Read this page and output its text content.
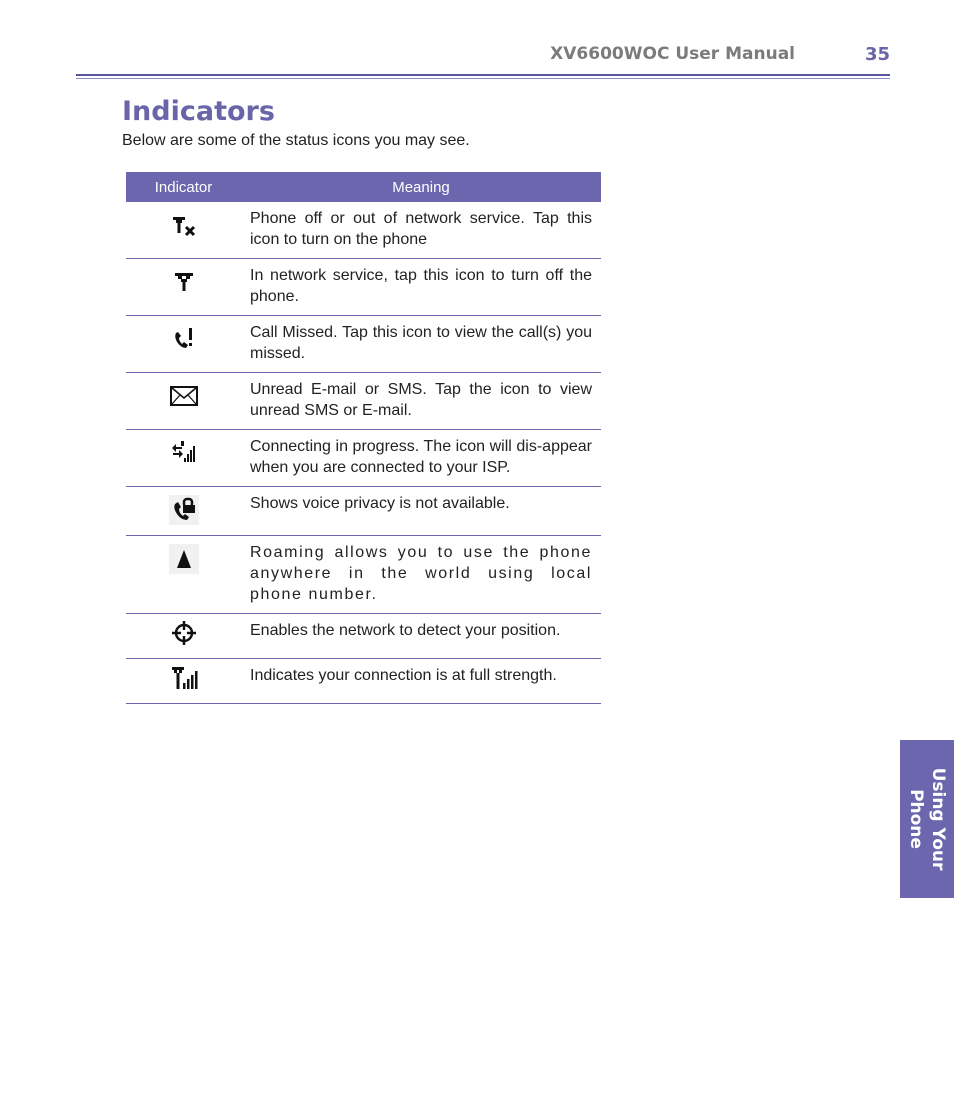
XV6600WOC User Manual	35
Indicators
Below are some of the status icons you may see.
Indicator	Meaning
	Phone off or out of network service. Tap this icon to turn on the phone
	In network service, tap this icon to turn off the phone.
	Call Missed. Tap this icon to view the call(s) you missed.
	Unread E-mail or SMS. Tap the icon to view unread SMS or E-mail.
	Connecting in progress. The icon will dis-appear when you are connected to your ISP.
	Shows voice privacy is not available.
	Roaming allows you to use the phone anywhere in the world using local phone number.
	Enables the network to detect your position.
	Indicates your connection is at full strength.
Using Your
Phone
